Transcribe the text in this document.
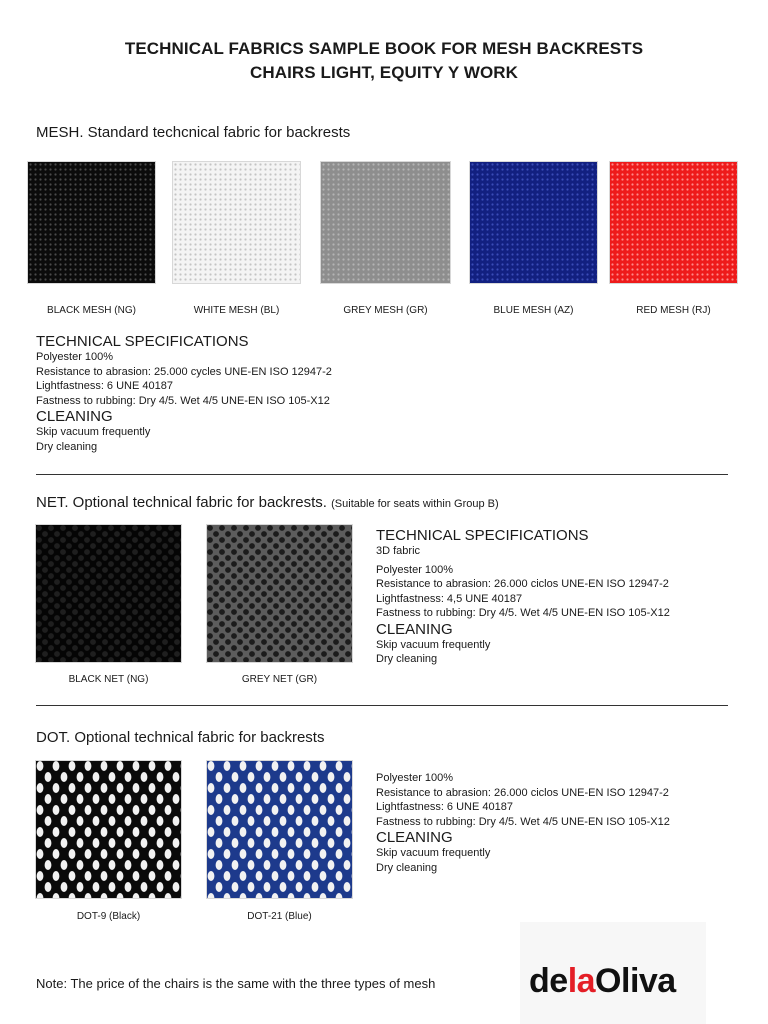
TECHNICAL FABRICS SAMPLE BOOK FOR MESH BACKRESTS
CHAIRS LIGHT, EQUITY Y WORK
MESH. Standard techcnical fabric for backrests
BLACK MESH (NG)	WHITE MESH (BL)	GREY MESH (GR)	BLUE MESH (AZ)	RED MESH (RJ)
TECHNICAL SPECIFICATIONS
Polyester 100%
Resistance to abrasion: 25.000 cycles UNE-EN ISO 12947-2
Lightfastness: 6 UNE 40187
Fastness to rubbing: Dry 4/5. Wet 4/5 UNE-EN ISO 105-X12
CLEANING
Skip vacuum frequently
Dry cleaning
NET. Optional technical fabric for backrests. (Suitable for seats within Group B)
BLACK NET (NG)	GREY NET (GR)
TECHNICAL SPECIFICATIONS
3D fabric
Polyester 100%
Resistance to abrasion: 26.000 ciclos UNE-EN ISO 12947-2
Lightfastness: 4,5 UNE 40187
Fastness to rubbing: Dry 4/5. Wet 4/5 UNE-EN ISO 105-X12
CLEANING
Skip vacuum frequently
Dry cleaning
DOT. Optional technical fabric for backrests
DOT-9 (Black)	DOT-21 (Blue)
Polyester 100%
Resistance to abrasion: 26.000 ciclos UNE-EN ISO 12947-2
Lightfastness: 6 UNE 40187
Fastness to rubbing: Dry 4/5. Wet 4/5 UNE-EN ISO 105-X12
CLEANING
Skip vacuum frequently
Dry cleaning
Note: The price of the chairs is the same with the three types of mesh	delaOliva
